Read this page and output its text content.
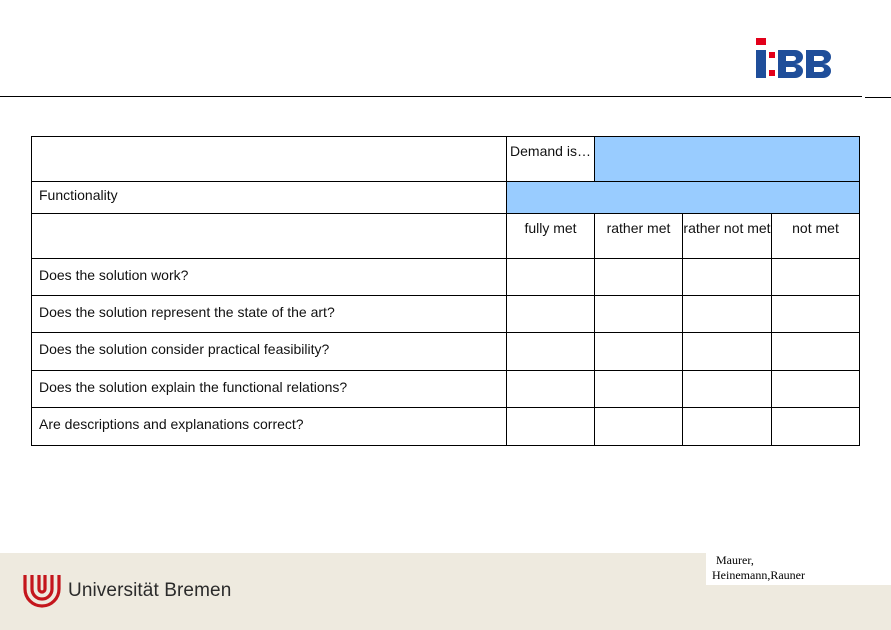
	Demand is…			
Functionality				
	fully met	rather met	rather not met	not met
Does the solution work?				
Does the solution represent the state of the art?				
Does the solution consider practical feasibility?				
Does the solution explain the functional relations?				
Are descriptions and explanations correct?				
Maurer,
Heinemann,Rauner
Universität Bremen
